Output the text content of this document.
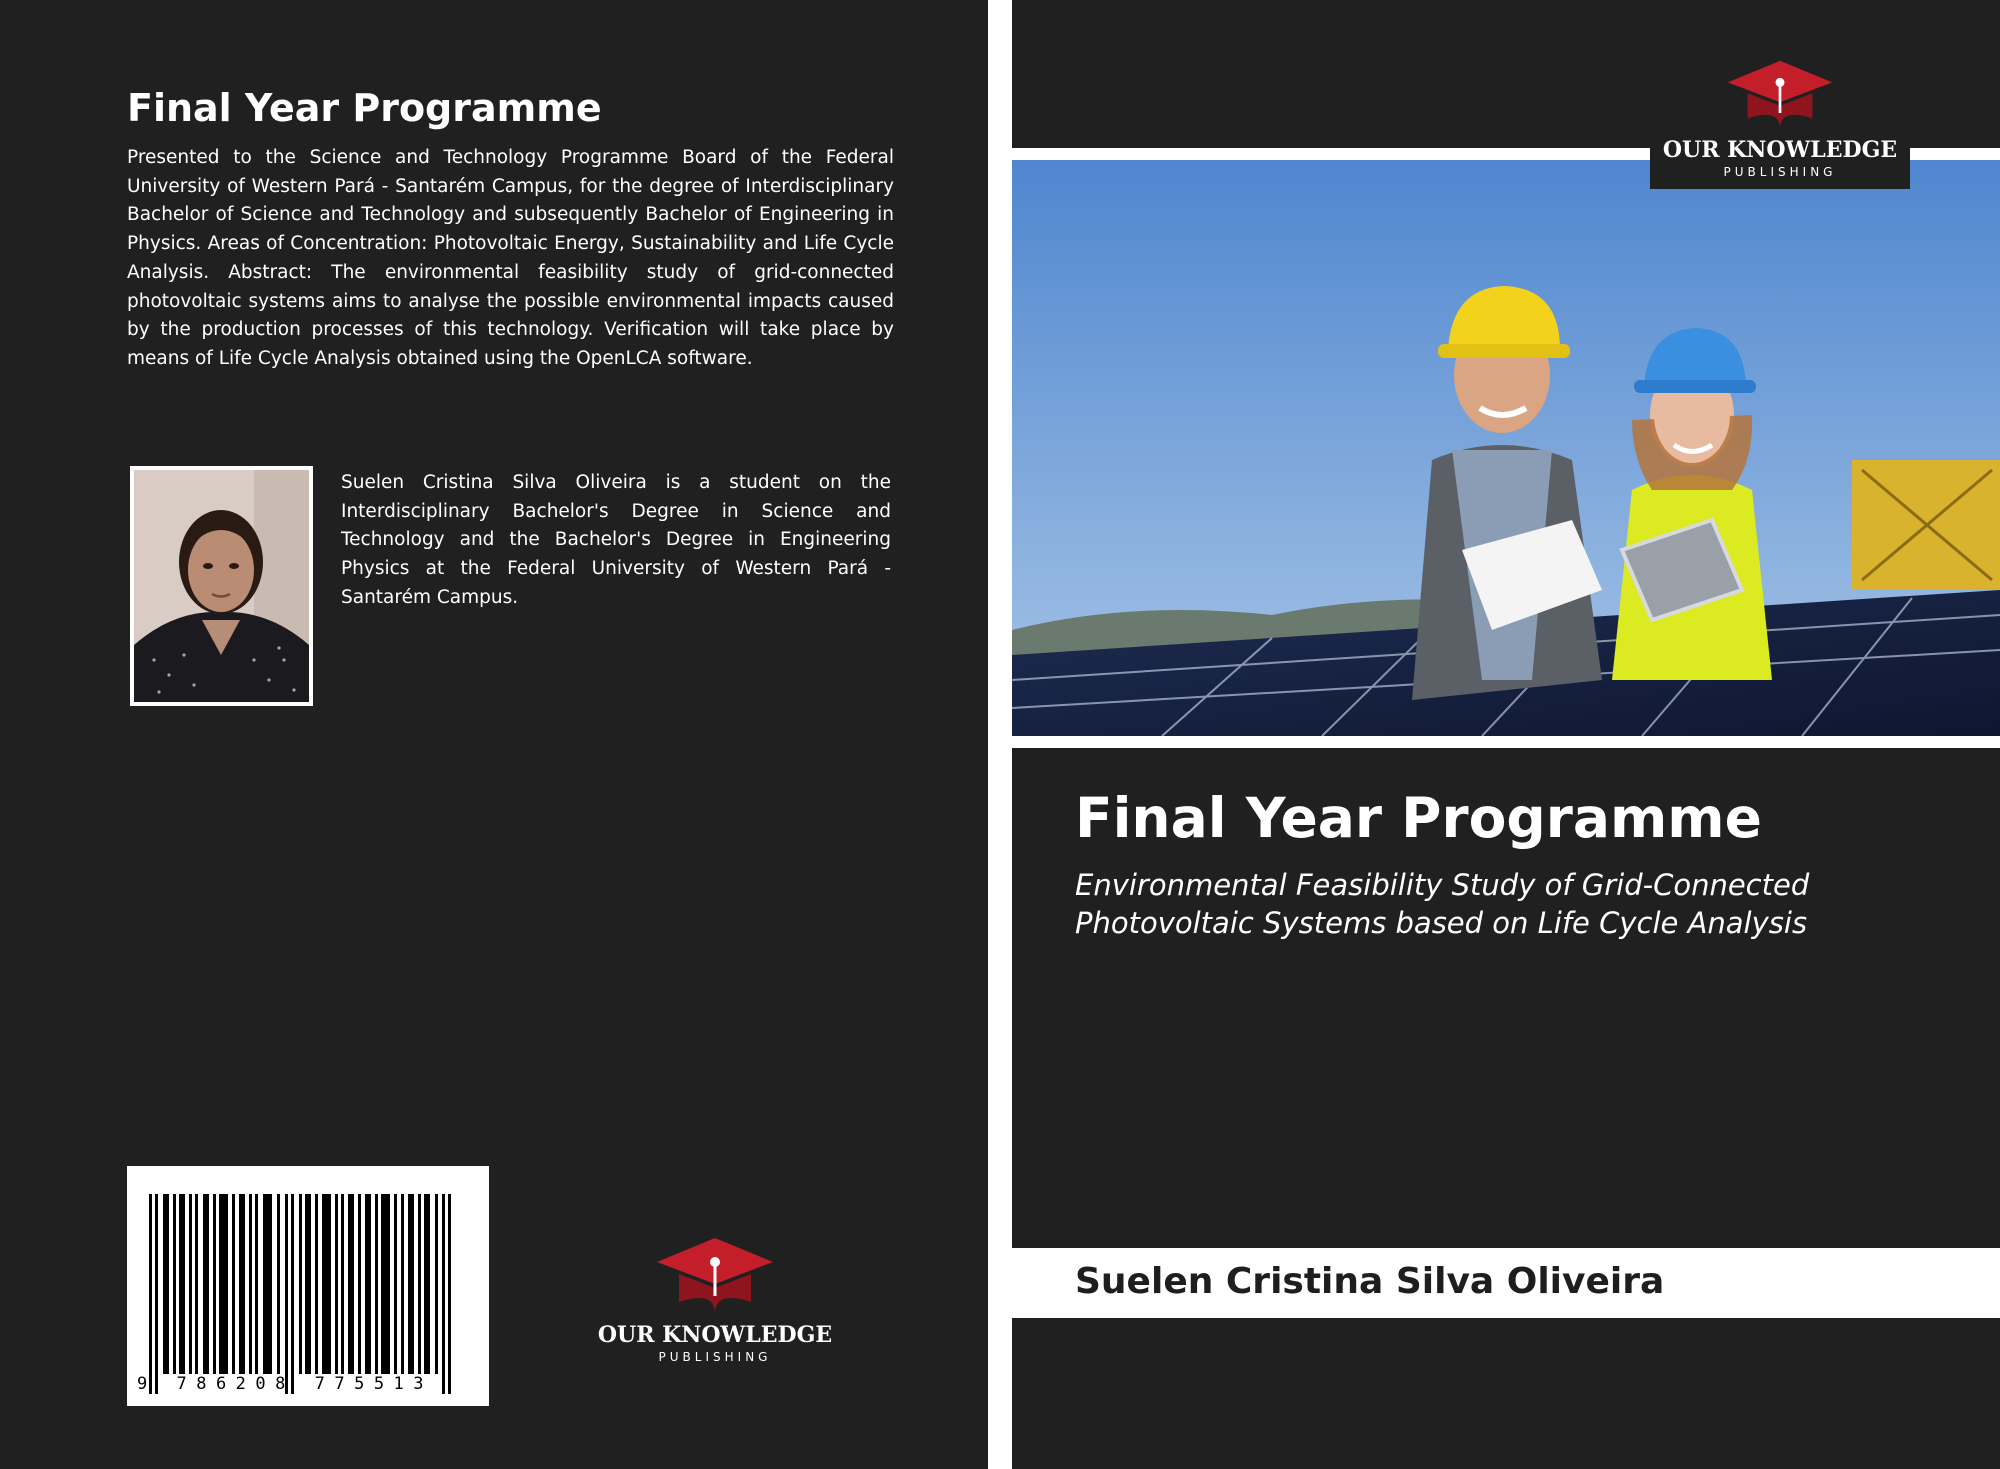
Final Year Programme

Presented to the Science and Technology Programme Board of the Federal University of Western Pará - Santarém Campus, for the degree of Interdisciplinary Bachelor of Science and Technology and subsequently Bachelor of Engineering in Physics. Areas of Concentration: Photovoltaic Energy, Sustainability and Life Cycle Analysis. Abstract: The environmental feasibility study of grid-connected photovoltaic systems aims to analyse the possible environmental impacts caused by the production processes of this technology. Verification will take place by means of Life Cycle Analysis obtained using the OpenLCA software.

Suelen Cristina Silva Oliveira is a student on the Interdisciplinary Bachelor's Degree in Science and Technology and the Bachelor's Degree in Engineering Physics at the Federal University of Western Pará - Santarém Campus.

9 786208 775513
OUR KNOWLEDGE
PUBLISHING
OUR KNOWLEDGE
PUBLISHING
Final Year Programme
Environmental Feasibility Study of Grid-Connected Photovoltaic Systems based on Life Cycle Analysis
Suelen Cristina Silva Oliveira
